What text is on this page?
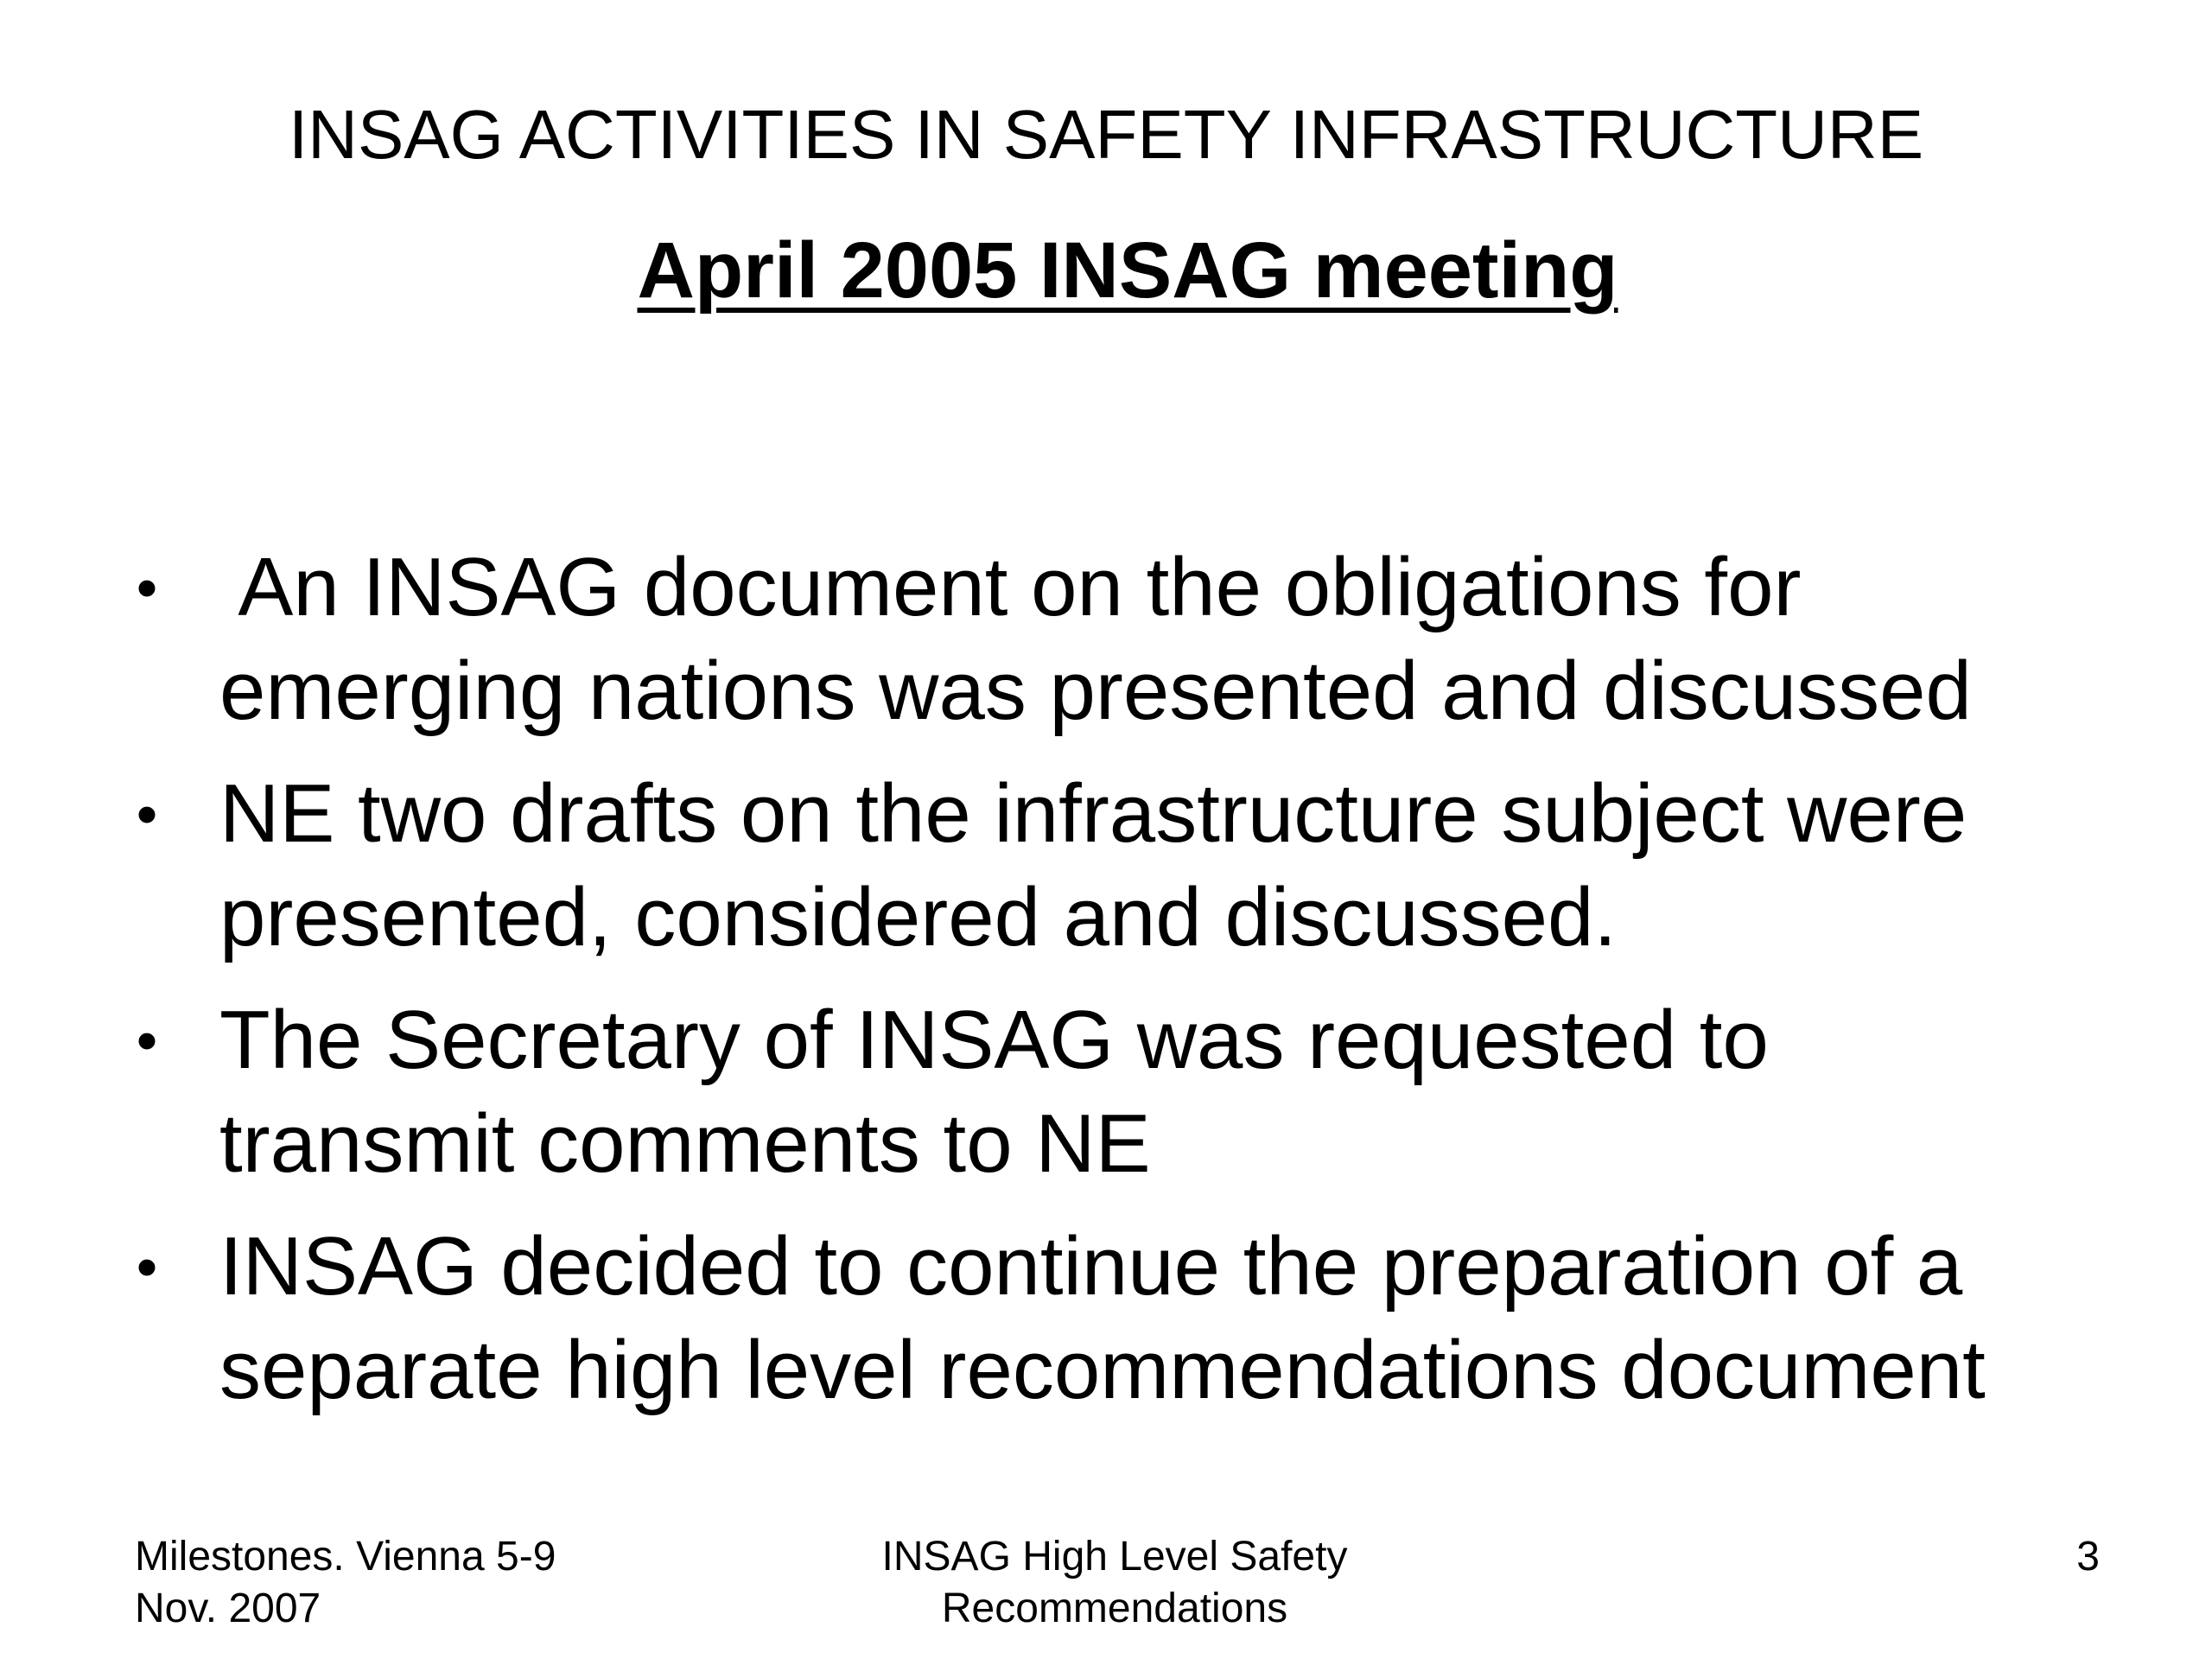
INSAG ACTIVITIES IN SAFETY INFRASTRUCTURE
April 2005 INSAG meeting
• An INSAG document on the obligations for
emerging nations was presented and discussed
• NE two drafts on the infrastructure subject were
presented, considered and discussed.
• The Secretary of INSAG was requested to
transmit comments to NE
• INSAG decided to continue the preparation of a
separate high level recommendations document
Milestones. Vienna 5-9
Nov. 2007
INSAG High Level Safety
Recommendations
3
